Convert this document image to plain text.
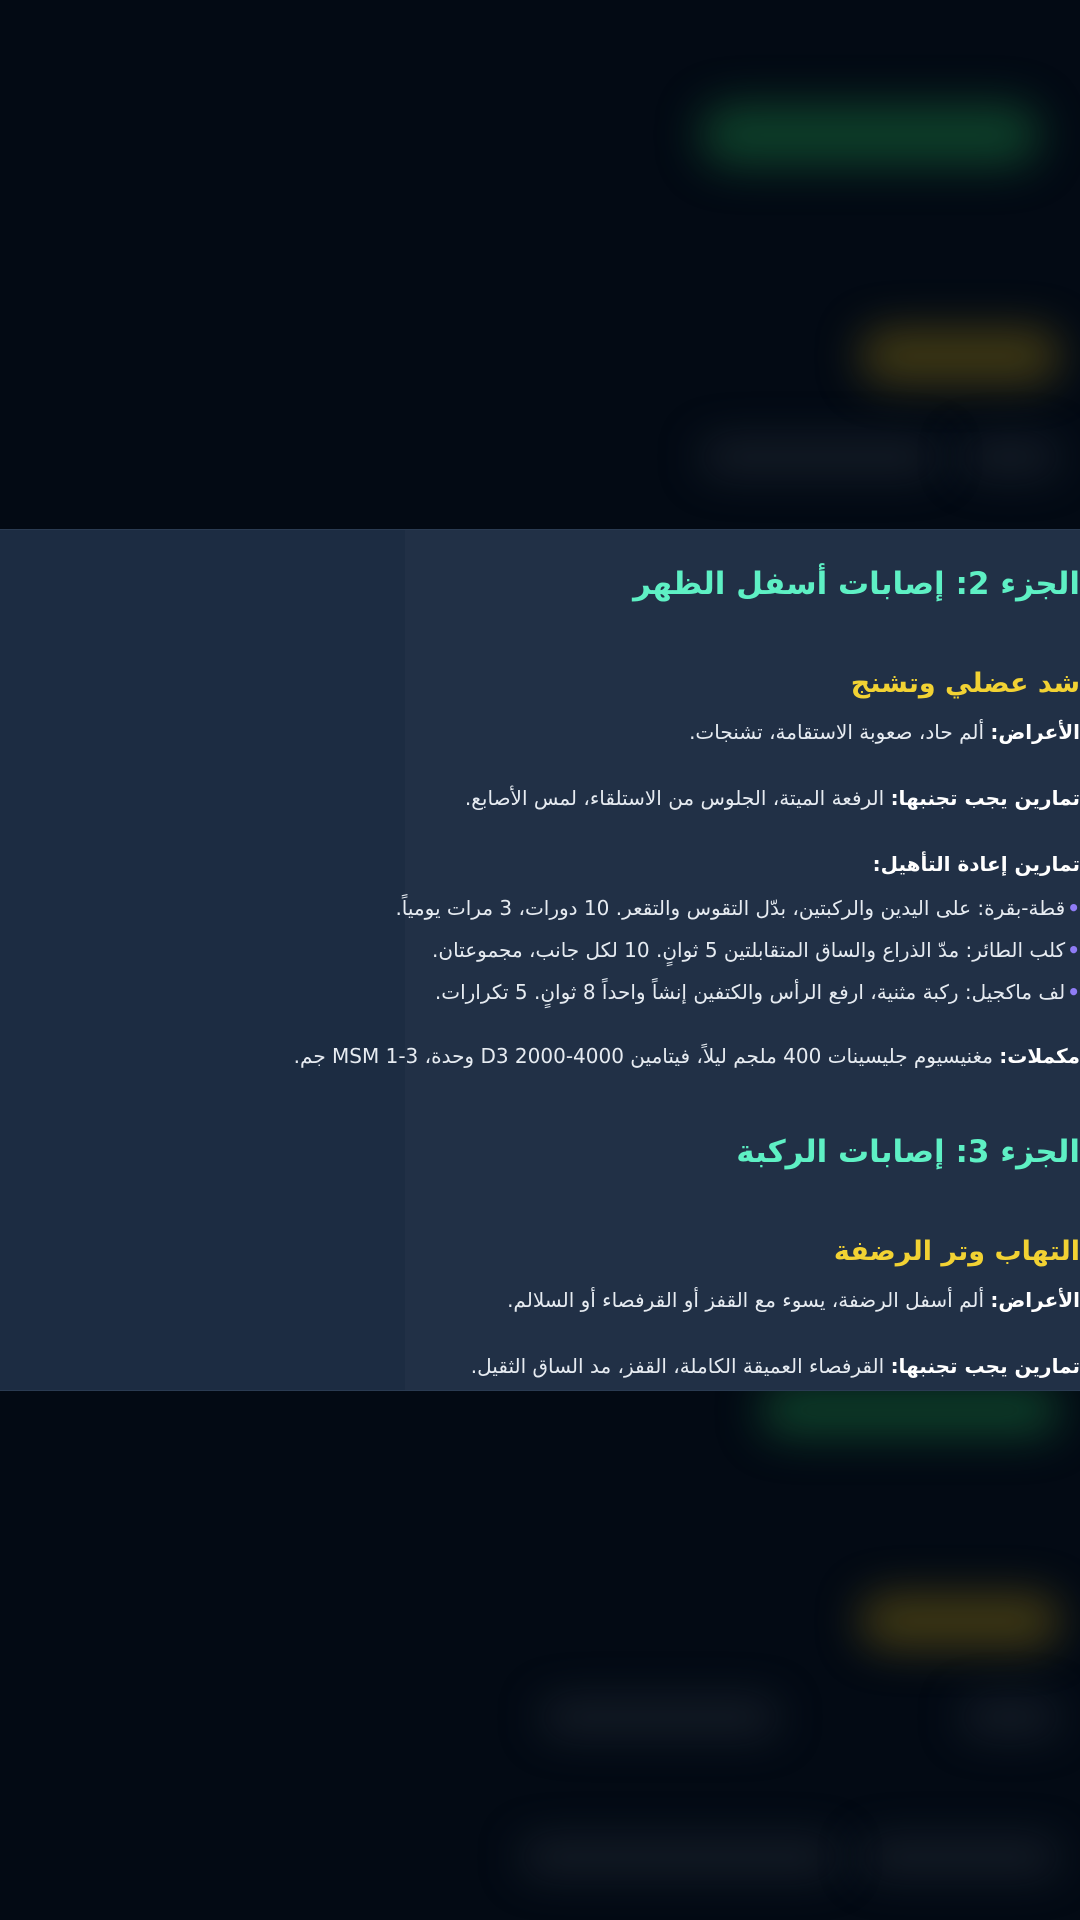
الجزء 2: إصابات أسفل الظهر
شد عضلي وتشنج

الأعراض: ألم حاد، صعوبة الاستقامة، تشنجات.

تمارين يجب تجنبها: الرفعة الميتة، الجلوس من الاستلقاء، لمس الأصابع.

تمارين إعادة التأهيل:

•قطة-بقرة: على اليدين والركبتين، بدّل التقوس والتقعر. 10 دورات، 3 مرات يومياً.

•كلب الطائر: مدّ الذراع والساق المتقابلتين 5 ثوانٍ. 10 لكل جانب، مجموعتان.

•لف ماكجيل: ركبة مثنية، ارفع الرأس والكتفين إنشاً واحداً 8 ثوانٍ. 5 تكرارات.

مكملات: مغنيسيوم جليسينات 400 ملجم ليلاً، فيتامين D3 2000-4000 وحدة، MSM 1-3 جم.

الجزء 3: إصابات الركبة
التهاب وتر الرضفة

الأعراض: ألم أسفل الرضفة، يسوء مع القفز أو القرفصاء أو السلالم.

تمارين يجب تجنبها: القرفصاء العميقة الكاملة، القفز، مد الساق الثقيل.
